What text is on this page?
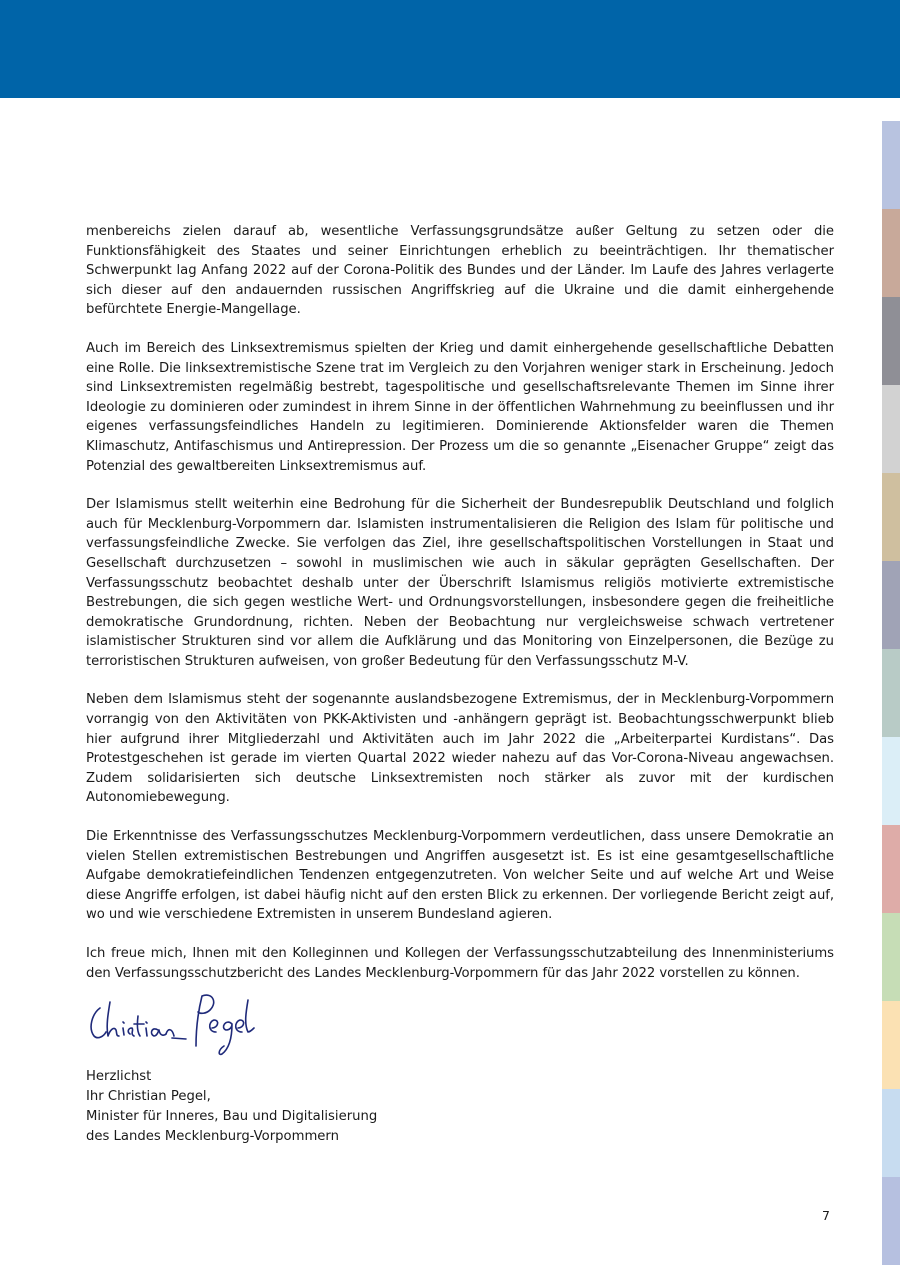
menbereichs zielen darauf ab, wesentliche Verfassungsgrundsätze außer Geltung zu setzen oder die Funktionsfähigkeit des Staates und seiner Einrichtungen erheblich zu beeinträchtigen. Ihr thematischer Schwerpunkt lag Anfang 2022 auf der Corona-Politik des Bundes und der Länder. Im Laufe des Jahres verlagerte sich dieser auf den andauernden russischen Angriffskrieg auf die Ukraine und die damit einhergehende befürchtete Energie-Mangellage.

Auch im Bereich des Linksextremismus spielten der Krieg und damit einhergehende gesellschaftliche Debatten eine Rolle. Die linksextremistische Szene trat im Vergleich zu den Vorjahren weniger stark in Erscheinung. Jedoch sind Linksextremisten regelmäßig bestrebt, tagespolitische und gesellschaftsrelevante Themen im Sinne ihrer Ideologie zu dominieren oder zumindest in ihrem Sinne in der öffentlichen Wahrnehmung zu beeinflussen und ihr eigenes verfassungsfeindliches Handeln zu legitimieren. Dominierende Aktionsfelder waren die Themen Klimaschutz, Antifaschismus und Antirepression. Der Prozess um die so genannte „Eisenacher Gruppe“ zeigt das Potenzial des gewaltbereiten Linksextremismus auf.

Der Islamismus stellt weiterhin eine Bedrohung für die Sicherheit der Bundesrepublik Deutschland und folglich auch für Mecklenburg-Vorpommern dar. Islamisten instrumentalisieren die Religion des Islam für politische und verfassungsfeindliche Zwecke. Sie verfolgen das Ziel, ihre gesellschaftspolitischen Vorstellungen in Staat und Gesellschaft durchzusetzen – sowohl in muslimischen wie auch in säkular geprägten Gesellschaften. Der Verfassungsschutz beobachtet deshalb unter der Überschrift Islamismus religiös motivierte extremistische Bestrebungen, die sich gegen westliche Wert- und Ordnungsvorstellungen, insbesondere gegen die freiheitliche demokratische Grundordnung, richten. Neben der Beobachtung nur vergleichsweise schwach vertretener islamistischer Strukturen sind vor allem die Aufklärung und das Monitoring von Einzelpersonen, die Bezüge zu terroristischen Strukturen aufweisen, von großer Bedeutung für den Verfassungsschutz M-V.

Neben dem Islamismus steht der sogenannte auslandsbezogene Extremismus, der in Mecklenburg-Vorpommern vorrangig von den Aktivitäten von PKK-Aktivisten und -anhängern geprägt ist. Beobachtungsschwerpunkt blieb hier aufgrund ihrer Mitgliederzahl und Aktivitäten auch im Jahr 2022 die „Arbeiterpartei Kurdistans“. Das Protestgeschehen ist gerade im vierten Quartal 2022 wieder nahezu auf das Vor-Corona-Niveau angewachsen. Zudem solidarisierten sich deutsche Linksextremisten noch stärker als zuvor mit der kurdischen Autonomiebewegung.

Die Erkenntnisse des Verfassungsschutzes Mecklenburg-Vorpommern verdeutlichen, dass unsere Demokratie an vielen Stellen extremistischen Bestrebungen und Angriffen ausgesetzt ist. Es ist eine gesamtgesellschaftliche Aufgabe demokratiefeindlichen Tendenzen entgegenzutreten. Von welcher Seite und auf welche Art und Weise diese Angriffe erfolgen, ist dabei häufig nicht auf den ersten Blick zu erkennen. Der vorliegende Bericht zeigt auf, wo und wie verschiedene Extremisten in unserem Bundesland agieren.

Ich freue mich, Ihnen mit den Kolleginnen und Kollegen der Verfassungsschutzabteilung des Innenministeriums den Verfassungsschutzbericht des Landes Mecklenburg-Vorpommern für das Jahr 2022 vorstellen zu können.

Herzlichst
Ihr Christian Pegel,
Minister für Inneres, Bau und Digitalisierung
des Landes Mecklenburg-Vorpommern
7
